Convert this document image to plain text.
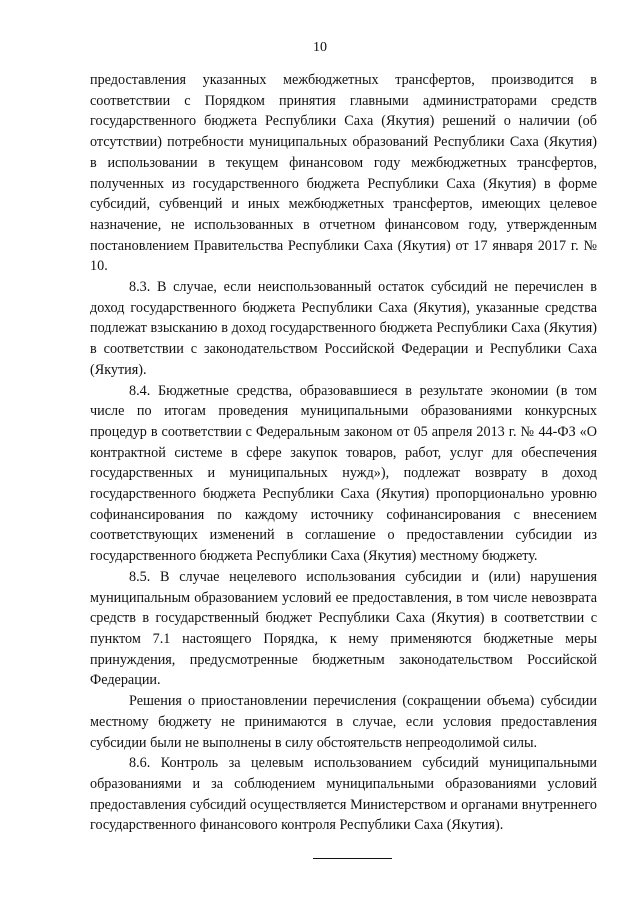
10

предоставления указанных межбюджетных трансфертов, производится в соответствии с Порядком принятия главными администраторами средств государственного бюджета Республики Саха (Якутия) решений о наличии (об отсутствии) потребности муниципальных образований Республики Саха (Якутия) в использовании в текущем финансовом году межбюджетных трансфертов, полученных из государственного бюджета Республики Саха (Якутия) в форме субсидий, субвенций и иных межбюджетных трансфертов, имеющих целевое назначение, не использованных в отчетном финансовом году, утвержденным постановлением Правительства Республики Саха (Якутия) от 17 января 2017 г. № 10.

8.3. В случае, если неиспользованный остаток субсидий не перечислен в доход государственного бюджета Республики Саха (Якутия), указанные средства подлежат взысканию в доход государственного бюджета Республики Саха (Якутия) в соответствии с законодательством Российской Федерации и Республики Саха (Якутия).

8.4. Бюджетные средства, образовавшиеся в результате экономии (в том числе по итогам проведения муниципальными образованиями конкурсных процедур в соответствии с Федеральным законом от 05 апреля 2013 г. № 44-ФЗ «О контрактной системе в сфере закупок товаров, работ, услуг для обеспечения государственных и муниципальных нужд»), подлежат возврату в доход государственного бюджета Республики Саха (Якутия) пропорционально уровню софинансирования по каждому источнику софинансирования с внесением соответствующих изменений в соглашение о предоставлении субсидии из государственного бюджета Республики Саха (Якутия) местному бюджету.

8.5. В случае нецелевого использования субсидии и (или) нарушения муниципальным образованием условий ее предоставления, в том числе невозврата средств в государственный бюджет Республики Саха (Якутия) в соответствии с пунктом 7.1 настоящего Порядка, к нему применяются бюджетные меры принуждения, предусмотренные бюджетным законодательством Российской Федерации.

Решения о приостановлении перечисления (сокращении объема) субсидии местному бюджету не принимаются в случае, если условия предоставления субсидии были не выполнены в силу обстоятельств непреодолимой силы.

8.6. Контроль за целевым использованием субсидий муниципальными образованиями и за соблюдением муниципальными образованиями условий предоставления субсидий осуществляется Министерством и органами внутреннего государственного финансового контроля Республики Саха (Якутия).
